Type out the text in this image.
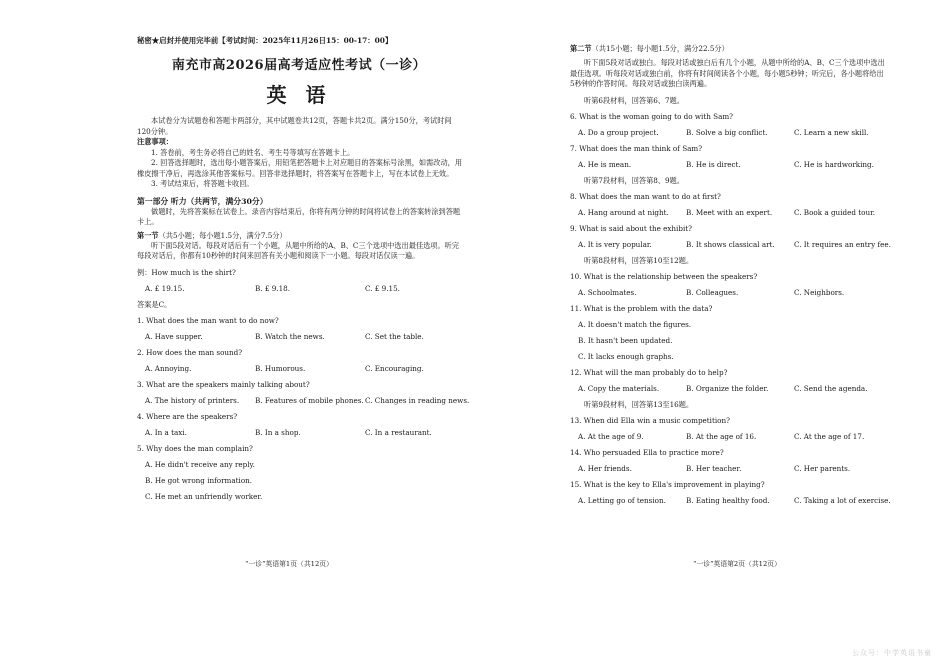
秘密★启封并使用完毕前【考试时间：2025年11月26日15：00-17：00】
南充市高2026届高考适应性考试（一诊）
英 语
本试卷分为试题卷和答题卡两部分，其中试题卷共12页，答题卡共2页。满分150分，考试时间120分钟。
注意事项：
1. 答卷前，考生务必将自己的姓名、考生号等填写在答题卡上。
2. 回答选择题时，选出每小题答案后，用铅笔把答题卡上对应题目的答案标号涂黑，如需改动，用橡皮擦干净后，再选涂其他答案标号。回答非选择题时，将答案写在答题卡上，写在本试卷上无效。
3. 考试结束后，将答题卡收回。
第一部分 听力（共两节，满分30分）
做题时，先将答案标在试卷上。录音内容结束后，你将有两分钟的时间将试卷上的答案转涂到答题卡上。
第一节（共5小题；每小题1.5分，满分7.5分）
听下面5段对话。每段对话后有一个小题，从题中所给的A、B、C三个选项中选出最佳选项。听完每段对话后，你都有10秒钟的时间来回答有关小题和阅读下一小题。每段对话仅读一遍。
例：How much is the shirt?
A. £ 19.15.	B. £ 9.18.	C. £ 9.15.
答案是C。
1. What does the man want to do now?
A. Have supper.	B. Watch the news.	C. Set the table.
2. How does the man sound?
A. Annoying.	B. Humorous.	C. Encouraging.
3. What are the speakers mainly talking about?
A. The history of printers.	B. Features of mobile phones. C. Changes in reading news.
4. Where are the speakers?
A. In a taxi.	B. In a shop.	C. In a restaurant.
5. Why does the man complain?
A. He didn't receive any reply.
B. He got wrong information.
C. He met an unfriendly worker.
“一诊”英语第1页（共12页）
第二节（共15小题；每小题1.5分，满分22.5分）
听下面5段对话或独白。每段对话或独白后有几个小题，从题中所给的A、B、C三个选项中选出最佳选项。听每段对话或独白前，你将有时间阅读各个小题，每小题5秒钟；听完后，各小题将给出5秒钟的作答时间。每段对话或独白读两遍。
听第6段材料，回答第6、7题。
6. What is the woman going to do with Sam?
A. Do a group project.	B. Solve a big conflict.	C. Learn a new skill.
7. What does the man think of Sam?
A. He is mean.	B. He is direct.	C. He is hardworking.
听第7段材料，回答第8、9题。
8. What does the man want to do at first?
A. Hang around at night.	B. Meet with an expert.	C. Book a guided tour.
9. What is said about the exhibit?
A. It is very popular.	B. It shows classical art.	C. It requires an entry fee.
听第8段材料，回答第10至12题。
10. What is the relationship between the speakers?
A. Schoolmates.	B. Colleagues.	C. Neighbors.
11. What is the problem with the data?
A. It doesn't match the figures.
B. It hasn't been updated.
C. It lacks enough graphs.
12. What will the man probably do to help?
A. Copy the materials.	B. Organize the folder.	C. Send the agenda.
听第9段材料，回答第13至16题。
13. When did Ella win a music competition?
A. At the age of 9.	B. At the age of 16.	C. At the age of 17.
14. Who persuaded Ella to practice more?
A. Her friends.	B. Her teacher.	C. Her parents.
15. What is the key to Ella's improvement in playing?
A. Letting go of tension.	B. Eating healthy food.	C. Taking a lot of exercise.
“一诊”英语第2页（共12页）
公众号：中学英语书童
